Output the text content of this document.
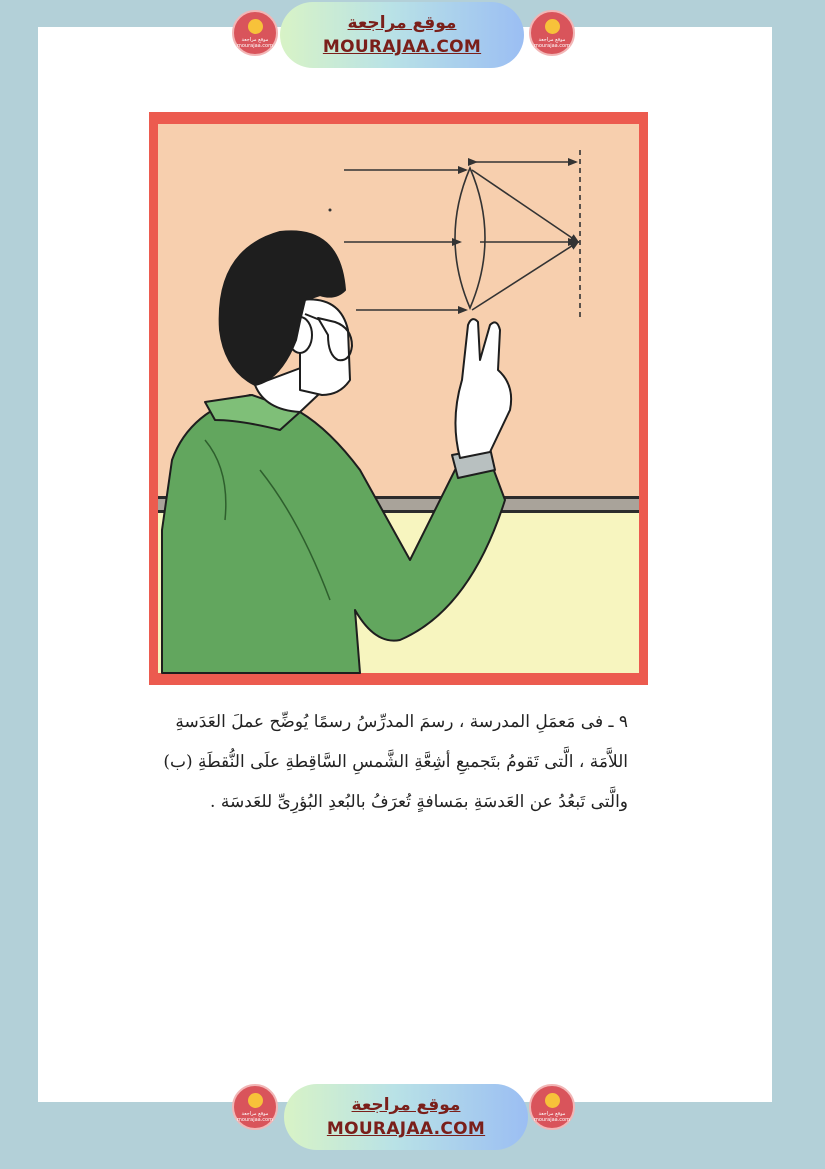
موقع مراجعة
mourajaa.com
موقع مراجعة
MOURAJAA.COM	موقع مراجعة
mourajaa.com

٩ ـ فى مَعمَلِ المدرسة ، رسمَ المدرِّسُ رسمًا يُوضِّح عملَ العَدَسةِ

اللاَّمَة ، الَّتى تَقومُ بتَجميعِ أشِعَّةِ الشَّمسِ السَّاقِطةِ علَى النُّقطَةِ (ب)

والَّتى تَبعُدُ عن العَدسَةِ بمَسافةٍ تُعرَفُ بالبُعدِ البُؤرِىِّ للعَدسَة .

موقع مراجعة
mourajaa.com
موقع مراجعة
MOURAJAA.COM
موقع مراجعة
mourajaa.com
